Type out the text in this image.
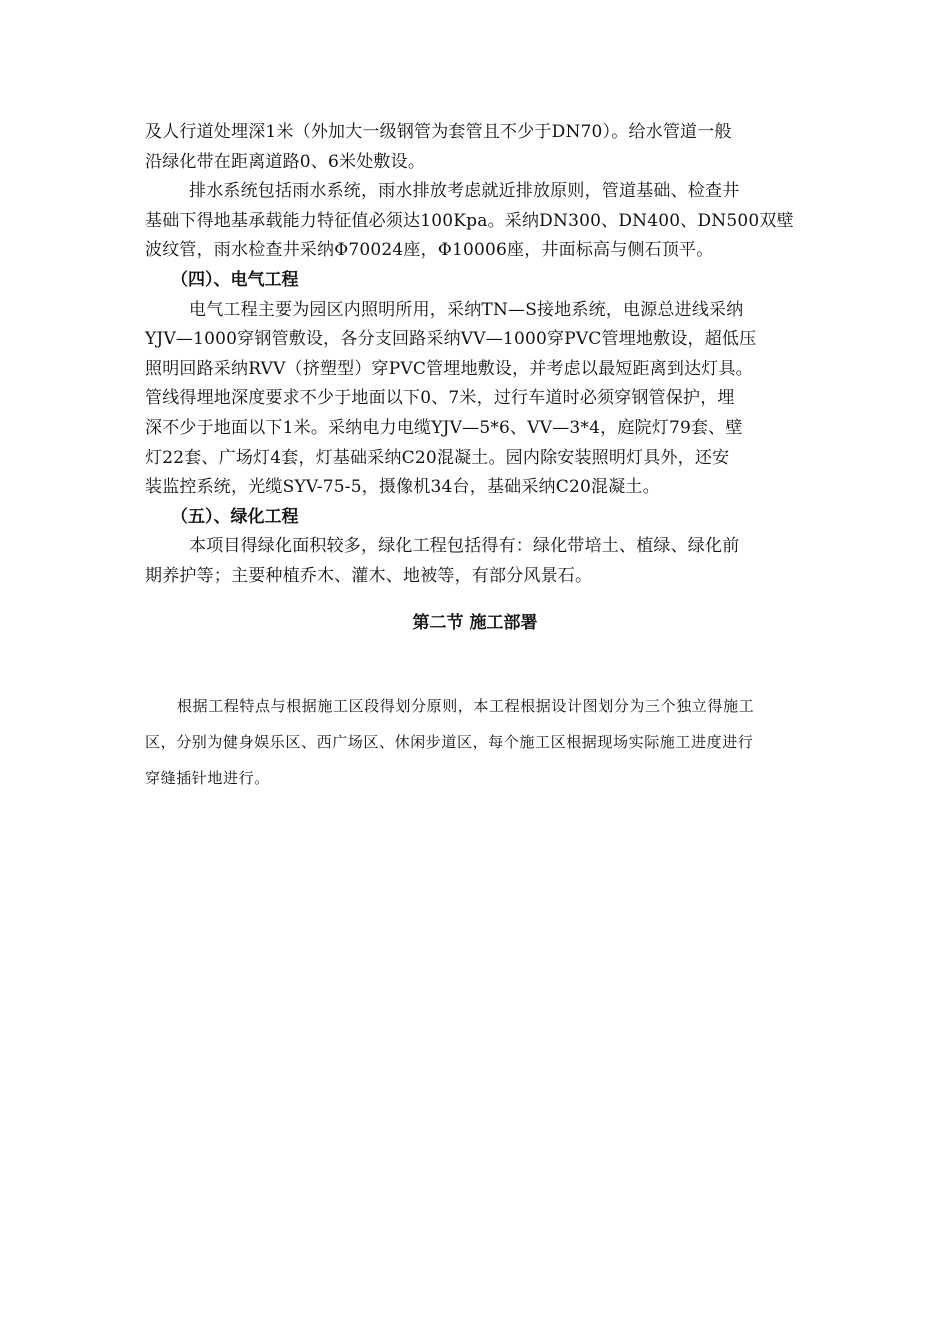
及人行道处埋深1米（外加大一级钢管为套管且不少于DN70）。给水管道一般
沿绿化带在距离道路0、6米处敷设。
排水系统包括雨水系统，雨水排放考虑就近排放原则，管道基础、检查井
基础下得地基承载能力特征值必须达100Kpa。采纳DN300、DN400、DN500双壁
波纹管，雨水检查井采纳Φ70024座，Φ10006座，井面标高与侧石顶平。
（四）、电气工程
电气工程主要为园区内照明所用，采纳TN—S接地系统，电源总进线采纳
YJV—1000穿钢管敷设，各分支回路采纳VV—1000穿PVC管埋地敷设，超低压
照明回路采纳RVV（挤塑型）穿PVC管埋地敷设，并考虑以最短距离到达灯具。
管线得埋地深度要求不少于地面以下0、7米，过行车道时必须穿钢管保护，埋
深不少于地面以下1米。采纳电力电缆YJV—5*6、VV—3*4，庭院灯79套、壁
灯22套、广场灯4套，灯基础采纳C20混凝土。园内除安装照明灯具外，还安
装监控系统，光缆SYV-75-5，摄像机34台，基础采纳C20混凝土。
（五）、绿化工程
本项目得绿化面积较多，绿化工程包括得有：绿化带培土、植绿、绿化前
期养护等；主要种植乔木、灌木、地被等，有部分风景石。
第二节 施工部署
根据工程特点与根据施工区段得划分原则，本工程根据设计图划分为三个独立得施工
区，分别为健身娱乐区、西广场区、休闲步道区，每个施工区根据现场实际施工进度进行
穿缝插针地进行。
